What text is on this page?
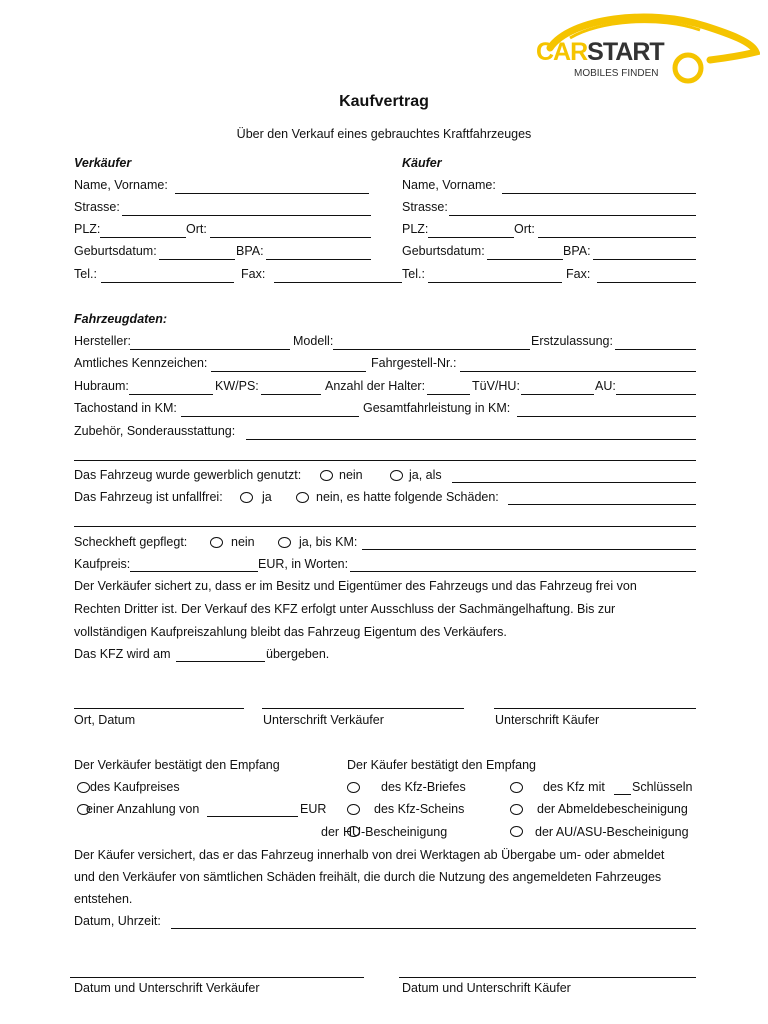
CARSTART
MOBILES FINDEN
Kaufvertrag
Über den Verkauf eines gebrauchtes Kraftfahrzeuges
Verkäufer	Käufer
Name, Vorname:	Name, Vorname:
Strasse:	Strasse:
PLZ:	Ort:	PLZ:	Ort:
Geburtsdatum:	BPA:	Geburtsdatum:	BPA:
Tel.:	Fax:	Tel.:	Fax:
Fahrzeugdaten:
Hersteller:	Modell:	Erstzulassung:
Amtliches Kennzeichen:	Fahrgestell-Nr.:
Hubraum:	KW/PS:	Anzahl der Halter:	TüV/HU:	AU:
Tachostand in KM:	Gesamtfahrleistung in KM:
Zubehör, Sonderausstattung:
Das Fahrzeug wurde gewerblich genutzt:	nein	ja, als
Das Fahrzeug ist unfallfrei:	ja	nein, es hatte folgende Schäden:
Scheckheft gepflegt:	nein	ja, bis KM:
Kaufpreis:	EUR, in Worten:
Der Verkäufer sichert zu, dass er im Besitz und Eigentümer des Fahrzeugs und das Fahrzeug frei von
Rechten Dritter ist. Der Verkauf des KFZ erfolgt unter Ausschluss der Sachmängelhaftung. Bis zur
vollständigen Kaufpreiszahlung bleibt das Fahrzeug Eigentum des Verkäufers.
Das KFZ wird am	übergeben.
Ort, Datum	Unterschrift Verkäufer	Unterschrift Käufer
Der Verkäufer bestätigt den Empfang	Der Käufer bestätigt den Empfang
des Kaufpreises	des Kfz-Briefes	des Kfz mit Schlüsseln
einer Anzahlung von	EUR	des Kfz-Scheins	der Abmeldebescheinigung
der HU -Bescheinigung	der AU/ASU-Bescheinigung
Der Käufer versichert, das er das Fahrzeug innerhalb von drei Werktagen ab Übergabe um- oder abmeldet
und den Verkäufer von sämtlichen Schäden freihält, die durch die Nutzung des angemeldeten Fahrzeuges
entstehen.
Datum, Uhrzeit:
Datum und Unterschrift Verkäufer	Datum und Unterschrift Käufer
